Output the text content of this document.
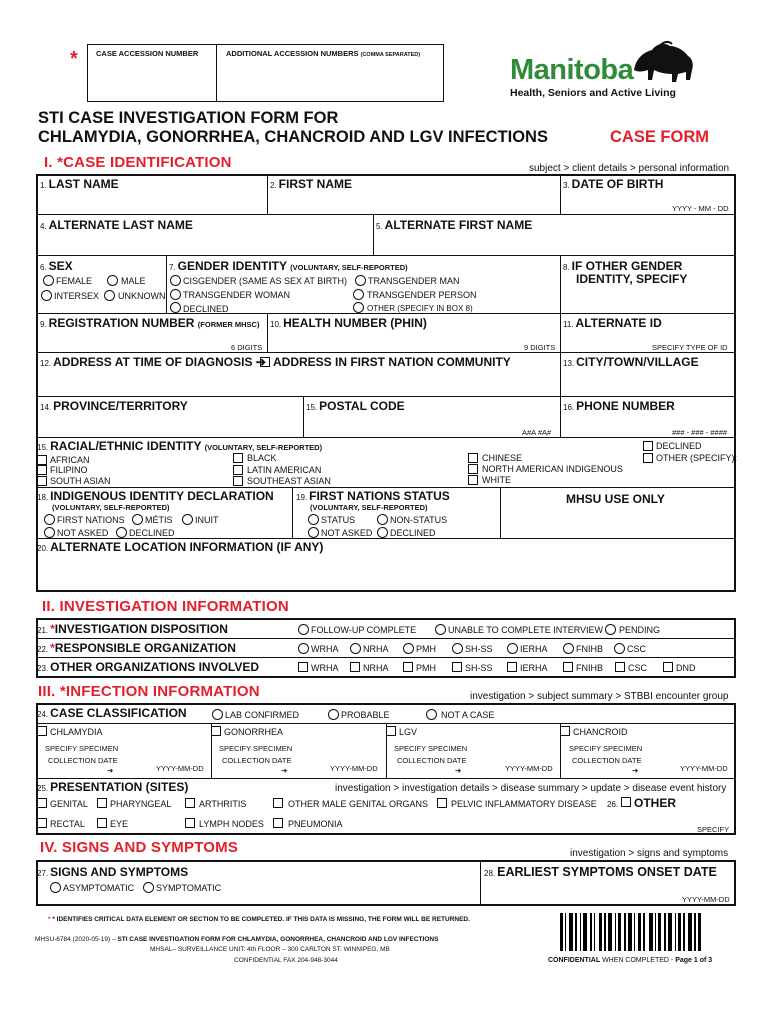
* CASE ACCESSION NUMBER	ADDITIONAL ACCESSION NUMBERS (COMMA SEPARATED)	Manitoba
Health, Seniors and Active Living
STI CASE INVESTIGATION FORM FOR
CHLAMYDIA, GONORRHEA, CHANCROID AND LGV INFECTIONS	CASE FORM
I. *CASE IDENTIFICATION	subject > client details > personal information
1. LAST NAME	2. FIRST NAME	3. DATE OF BIRTH
YYYY - MM - DD
4. ALTERNATE LAST NAME	5. ALTERNATE FIRST NAME
6. SEX
FEMALE	MALE
INTERSEX UNKNOWN
7. GENDER IDENTITY (VOLUNTARY, SELF-REPORTED)
CISGENDER (SAME AS SEX AT BIRTH) TRANSGENDER MAN
TRANSGENDER WOMAN	TRANSGENDER PERSON
DECLINED	OTHER (SPECIFY IN BOX 8)
8. IF OTHER GENDER
IDENTITY, SPECIFY
9. REGISTRATION NUMBER (FORMER MHSC)
6 DIGITS
10. HEALTH NUMBER (PHIN)
9 DIGITS
11. ALTERNATE ID
SPECIFY TYPE OF ID
12. ADDRESS AT TIME OF DIAGNOSIS ➔ ADDRESS IN FIRST NATION COMMUNITY	13. CITY/TOWN/VILLAGE
14. PROVINCE/TERRITORY	15. POSTAL CODE
A#A #A#
16. PHONE NUMBER
### - ### - ####
15. RACIAL/ETHNIC IDENTITY (VOLUNTARY, SELF-REPORTED)
AFRICAN
FILIPINO
SOUTH ASIAN
BLACK
LATIN AMERICAN
SOUTHEAST ASIAN
CHINESE
NORTH AMERICAN INDIGENOUS
WHITE
DECLINED
OTHER (SPECIFY):
18. INDIGENOUS IDENTITY DECLARATION
(VOLUNTARY, SELF-REPORTED)
FIRST NATIONS MÉTIS INUIT
NOT ASKED DECLINED
19. FIRST NATIONS STATUS
(VOLUNTARY, SELF-REPORTED)
STATUS	NON-STATUS
NOT ASKED DECLINED
MHSU USE ONLY
20. ALTERNATE LOCATION INFORMATION (IF ANY)
II. INVESTIGATION INFORMATION
21. *INVESTIGATION DISPOSITION	FOLLOW-UP COMPLETE	UNABLE TO COMPLETE INTERVIEW PENDING
22. *RESPONSIBLE ORGANIZATION	WRHA	NRHA	PMH	SH-SS	IERHA	FNIHB	CSC
23. OTHER ORGANIZATIONS INVOLVED	WRHA	NRHA	PMH	SH-SS	IERHA	FNIHB	CSC	DND
III. *INFECTION INFORMATION	investigation > subject summary > STBBI encounter group
24. CASE CLASSIFICATION	LAB CONFIRMED	PROBABLE	NOT A CASE
CHLAMYDIA
SPECIFY SPECIMEN
COLLECTION DATE
➔	YYYY-MM-DD
GONORRHEA
SPECIFY SPECIMEN
COLLECTION DATE
➔	YYYY-MM-DD
LGV
SPECIFY SPECIMEN
COLLECTION DATE
➔	YYYY-MM-DD
CHANCROID
SPECIFY SPECIMEN
COLLECTION DATE
➔	YYYY-MM-DD
25. PRESENTATION (SITES)	investigation > investigation details > disease summary > update > disease event history
GENITAL PHARYNGEAL	ARTHRITIS	OTHER MALE GENITAL ORGANS	PELVIC INFLAMMATORY DISEASE 26. OTHER
RECTAL	EYE	LYMPH NODES	PNEUMONIA
SPECIFY
IV. SIGNS AND SYMPTOMS	investigation > signs and symptoms
27. SIGNS AND SYMPTOMS
ASYMPTOMATIC SYMPTOMATIC
28. EARLIEST SYMPTOMS ONSET DATE
YYYY-MM-DD
* * IDENTIFIES CRITICAL DATA ELEMENT OR SECTION TO BE COMPLETED. IF THIS DATA IS MISSING, THE FORM WILL BE RETURNED.
MHSU-6784 (2020-05-19) – STI CASE INVESTIGATION FORM FOR CHLAMYDIA, GONORRHEA, CHANCROID AND LGV INFECTIONS
MHSAL– SURVEILLANCE UNIT: 4th FLOOR – 300 CARLTON ST. WINNIPEG, MB
CONFIDENTIAL FAX 204-948-3044	CONFIDENTIAL WHEN COMPLETED - Page 1 of 3
